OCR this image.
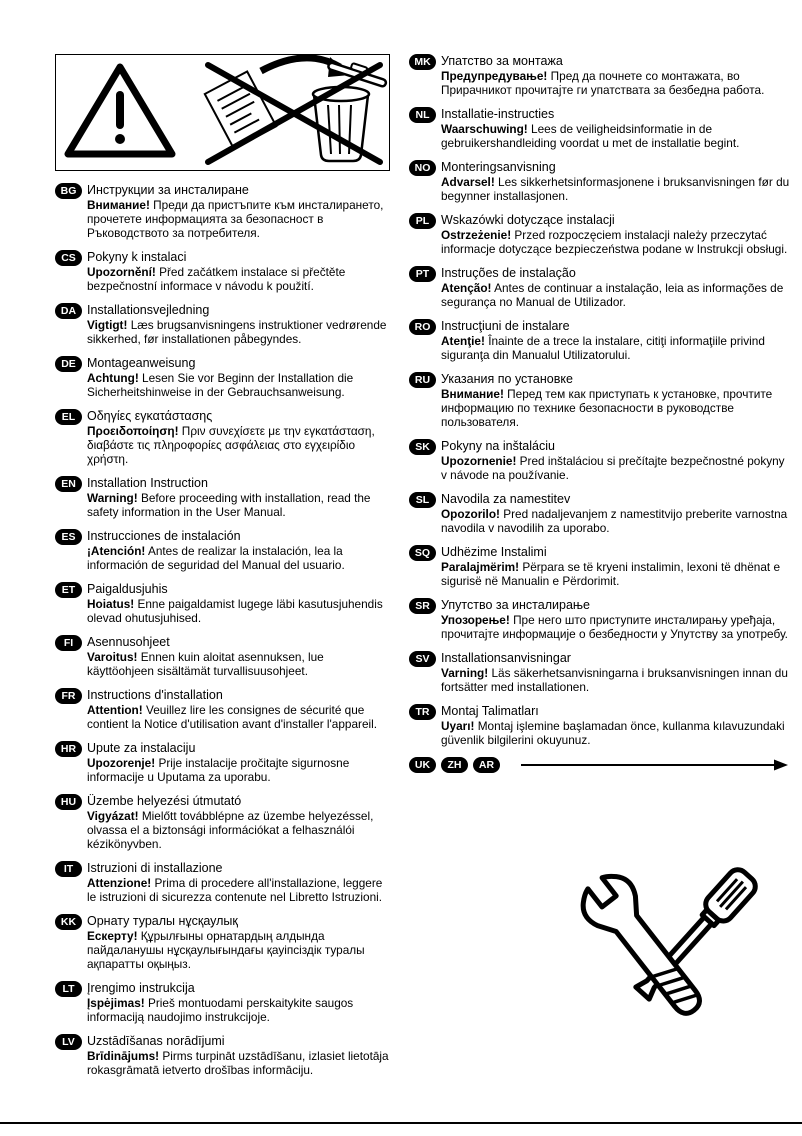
BG Инструкции за инсталиране
Внимание! Преди да пристъпите към инсталирането, прочетете информацията за безопасност в Ръководството за потребителя.
CS Pokyny k instalaci
Upozornění! Před začátkem instalace si přečtěte bezpečnostní informace v návodu k použití.
DA Installationsvejledning
Vigtigt! Læs brugsanvisningens instruktioner vedrørende sikkerhed, før installationen påbegyndes.
DE Montageanweisung
Achtung! Lesen Sie vor Beginn der Installation die Sicherheitshinweise in der Gebrauchsanweisung.
EL Οδηγίες εγκατάστασης
Προειδοποίηση! Πριν συνεχίσετε με την εγκατάσταση, διαβάστε τις πληροφορίες ασφάλειας στο εγχειρίδιο χρήστη.
EN Installation Instruction
Warning! Before proceeding with installation, read the safety information in the User Manual.
ES Instrucciones de instalación
¡Atención! Antes de realizar la instalación, lea la información de seguridad del Manual del usuario.
ET Paigaldusjuhis
Hoiatus! Enne paigaldamist lugege läbi kasutusjuhendis olevad ohutusjuhised.
FI	Asennusohjeet
Varoitus! Ennen kuin aloitat asennuksen, lue käyttöohjeen sisältämät turvallisuusohjeet.
FR Instructions d'installation
Attention! Veuillez lire les consignes de sécurité que contient la Notice d'utilisation avant d'installer l'appareil.
HR Upute za instalaciju
Upozorenje! Prije instalacije pročitajte sigurnosne informacije u Uputama za uporabu.
HU Üzembe helyezési útmutató
Vigyázat! Mielőtt továbblépne az üzembe helyezéssel, olvassa el a biztonsági információkat a felhasználói kézikönyvben.
IT	Istruzioni di installazione
Attenzione! Prima di procedere all'installazione, leggere le istruzioni di sicurezza contenute nel Libretto Istruzioni.
KK Орнату туралы нұсқаулық
Ескерту! Құрылғыны орнатардың алдында пайдаланушы нұсқаулығындағы қауіпсіздік туралы ақпаратты оқыңыз.
LT Įrengimo instrukcija
Įspėjimas! Prieš montuodami perskaitykite saugos informaciją naudojimo instrukcijoje.
LV Uzstādīšanas norādījumi
Brīdinājums! Pirms turpināt uzstādīšanu, izlasiet lietotāja rokasgrāmatā ietverto drošības informāciju.
MK Упатство за монтажа
Предупредување! Пред да почнете со монтажата, во Прирачникот прочитајте ги упатствата за безбедна работа.
NL Installatie-instructies
Waarschuwing! Lees de veiligheidsinformatie in de gebruikershandleiding voordat u met de installatie begint.
NO Monteringsanvisning
Advarsel! Les sikkerhetsinformasjonene i bruksanvisningen før du begynner installasjonen.
PL Wskazówki dotyczące instalacji
Ostrzeżenie! Przed rozpoczęciem instalacji należy przeczytać informacje dotyczące bezpieczeństwa podane w Instrukcji obsługi.
PT Instruções de instalação
Atenção! Antes de continuar a instalação, leia as informações de segurança no Manual de Utilizador.
RO Instrucţiuni de instalare
Atenţie! Înainte de a trece la instalare, citiţi informaţiile privind siguranţa din Manualul Utilizatorului.
RU Указания по установке
Внимание! Перед тем как приступать к установке, прочтите информацию по технике безопасности в руководстве пользователя.
SK Pokyny na inštaláciu
Upozornenie! Pred inštaláciou si prečítajte bezpečnostné pokyny v návode na používanie.
SL Navodila za namestitev
Opozorilo! Pred nadaljevanjem z namestitvijo preberite varnostna navodila v navodilih za uporabo.
SQ Udhëzime Instalimi
Paralajmërim! Përpara se të kryeni instalimin, lexoni të dhënat e sigurisë në Manualin e Përdorimit.
SR Упутство за инсталирање
Упозорење! Пре него што приступите инсталирању уређаја, прочитајте информације о безбедности у Упутству за употребу.
SV Installationsanvisningar
Varning! Läs säkerhetsanvisningarna i bruksanvisningen innan du fortsätter med installationen.
TR Montaj Talimatları
Uyarı! Montaj işlemine başlamadan önce, kullanma kılavuzundaki güvenlik bilgilerini okuyunuz.
UK	ZH	AR
